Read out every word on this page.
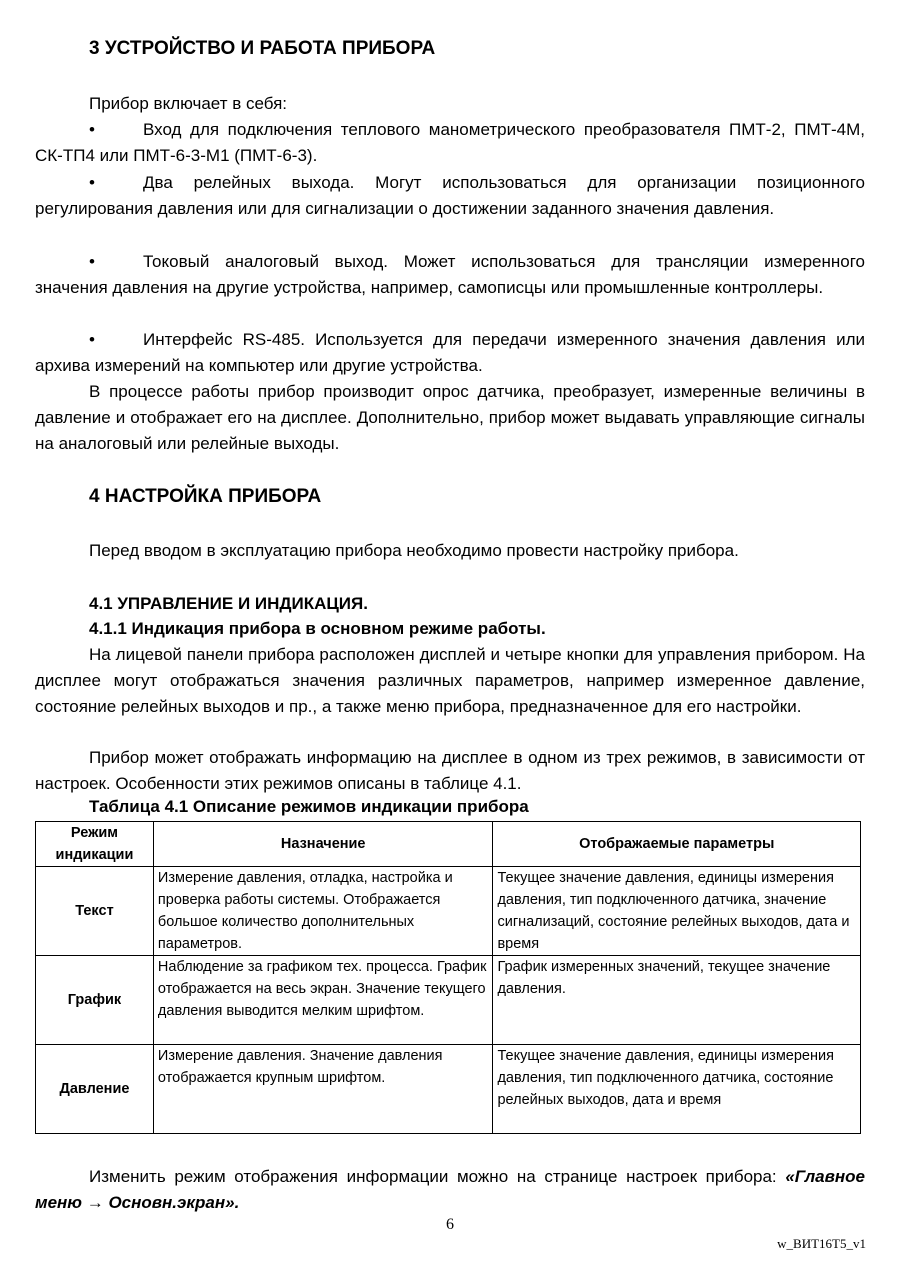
3 УСТРОЙСТВО И РАБОТА ПРИБОРА
Прибор включает в себя:
•	Вход для подключения теплового манометрического преобразователя ПМТ-2, ПМТ-4М, СК-ТП4 или ПМТ-6-3-М1 (ПМТ-6-3).
•	Два релейных выхода. Могут использоваться для организации позиционного регулирования давления или для сигнализации о достижении заданного значения давления.
•	Токовый аналоговый выход. Может использоваться для трансляции измеренного значения давления на другие устройства, например, самописцы или промышленные контроллеры.
•	Интерфейс RS-485. Используется для передачи измеренного значения давления или архива измерений на компьютер или другие устройства.
В процессе работы прибор производит опрос датчика, преобразует, измеренные величины в давление и отображает его на дисплее. Дополнительно, прибор может выдавать управляющие сигналы на аналоговый или релейные выходы.
4 НАСТРОЙКА ПРИБОРА
Перед вводом в эксплуатацию прибора необходимо провести настройку прибора.
4.1 УПРАВЛЕНИЕ И ИНДИКАЦИЯ.
4.1.1 Индикация прибора в основном режиме работы.
На лицевой панели прибора расположен дисплей и четыре кнопки для управления прибором. На дисплее могут отображаться значения различных параметров, например измеренное давление, состояние релейных выходов и пр., а также меню прибора, предназначенное для его настройки.
Прибор может отображать информацию на дисплее в одном из трех режимов, в зависимости от настроек. Особенности этих режимов описаны в таблице 4.1.
Таблица 4.1 Описание режимов индикации прибора
Режим индикации	Назначение	Отображаемые параметры
Текст	Измерение давления, отладка, настройка и проверка работы системы. Отображается большое количество дополнительных параметров.	Текущее значение давления, единицы измерения давления, тип подключенного датчика, значение сигнализаций, состояние релейных выходов, дата и время
График	Наблюдение за графиком тех. процесса. График отображается на весь экран. Значение текущего давления выводится мелким шрифтом.	График измеренных значений, текущее значение давления.
Давление	Измерение давления. Значение давления отображается крупным шрифтом.	Текущее значение давления, единицы измерения давления, тип подключенного датчика, состояние релейных выходов, дата и время
Изменить режим отображения информации можно на странице настроек прибора: «Главное меню → Основн.экран».
6
w_ВИТ16Т5_v1
